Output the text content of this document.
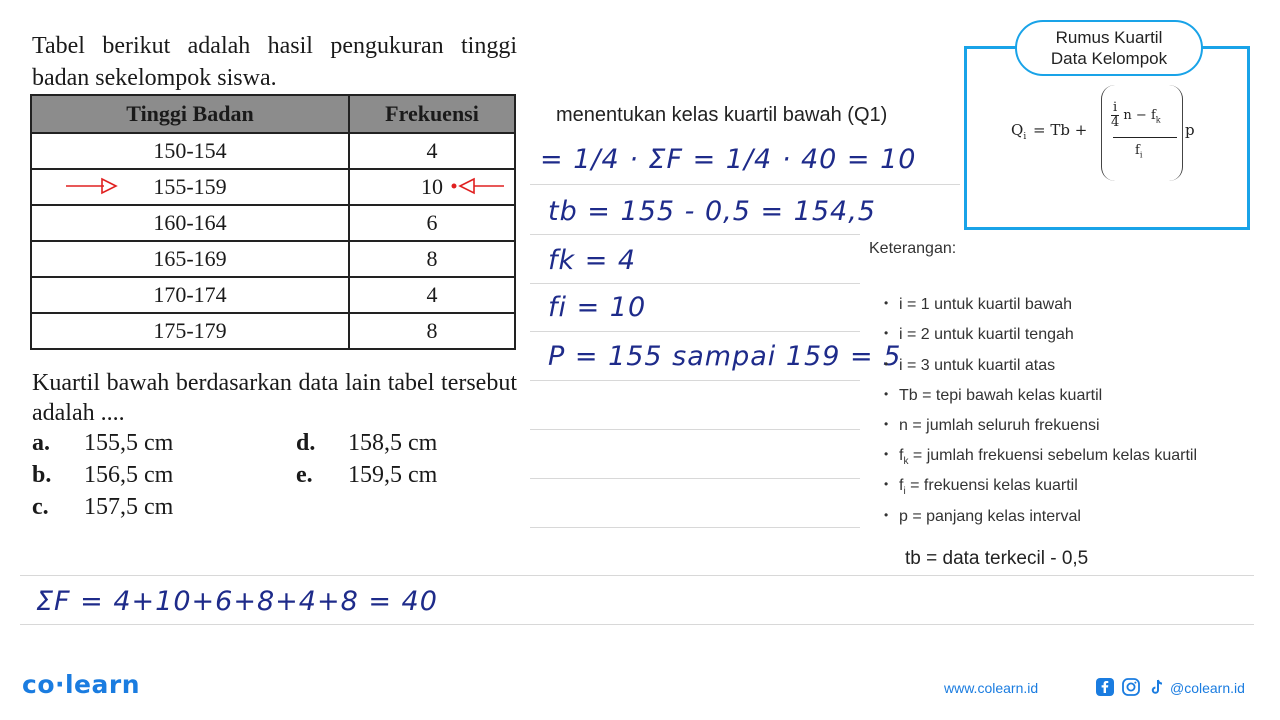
Tabel berikut adalah hasil pengukuran tinggi badan sekelompok siswa.
Tinggi Badan	Frekuensi
150-154	4
155-159	10
160-164	6
165-169	8
170-174	4
175-179	8
Kuartil bawah berdasarkan data lain tabel tersebut adalah ....
a. 155,5 cm
b. 156,5 cm
c. 157,5 cm
d. 158,5 cm
e. 159,5 cm
menentukan kelas kuartil bawah (Q1)
= 1/4 · ΣF = 1/4 · 40 = 10
tb = 155 - 0,5 = 154,5
fk = 4
fi = 10
P = 155 sampai 159 = 5
ΣF = 4+10+6+8+4+8 = 40
$Q_i = Tb + \frac{i}{4}$ $n - f_k$
$f_i$
p
Rumus Kuartil
Data Kelompok
Keterangan:
• i = 1 untuk kuartil bawah
• i = 2 untuk kuartil tengah
• i = 3 untuk kuartil atas
• Tb = tepi bawah kelas kuartil
• n = jumlah seluruh frekuensi
• $f_k$ = jumlah frekuensi sebelum kelas kuartil
• $f_i$ = frekuensi kelas kuartil
• p = panjang kelas interval
tb = data terkecil - 0,5
co·learn	www.colearn.id	@colearn.id
